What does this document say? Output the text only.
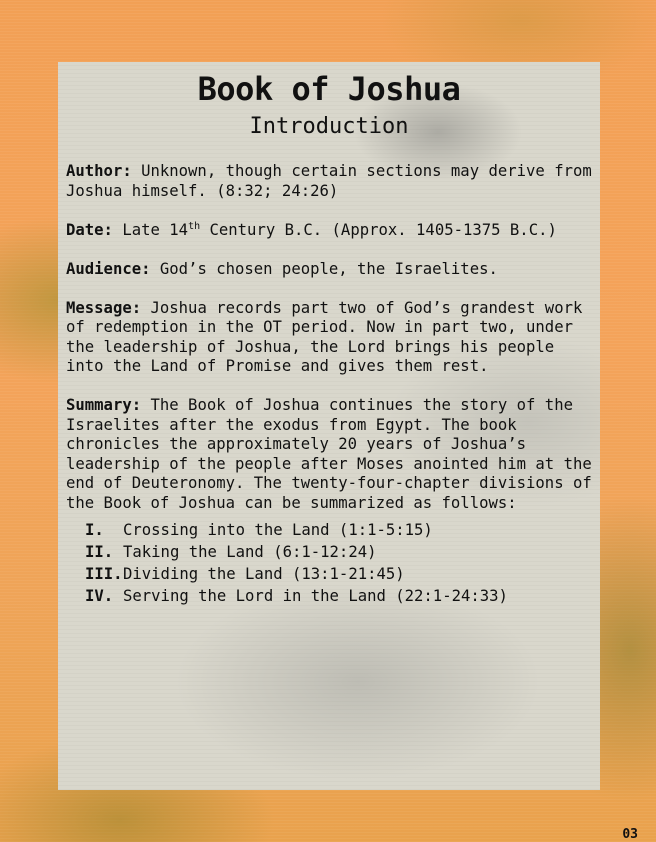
Book of Joshua
Introduction

Author: Unknown, though certain sections may derive from Joshua himself. (8:32; 24:26)

Date: Late 14th Century B.C. (Approx. 1405-1375 B.C.)

Audience: God’s chosen people, the Israelites.

Message: Joshua records part two of God’s grandest work of redemption in the OT period. Now in part two, under the leadership of Joshua, the Lord brings his people into the Land of Promise and gives them rest.

Summary: The Book of Joshua continues the story of the Israelites after the exodus from Egypt. The book chronicles the approximately 20 years of Joshua’s leadership of the people after Moses anointed him at the end of Deuteronomy. The twenty-four-chapter divisions of the Book of Joshua can be summarized as follows:

I.	Crossing into the Land (1:1-5:15)
II. Taking the Land (6:1-12:24)
III. Dividing the Land (13:1-21:45)
IV. Serving the Lord in the Land (22:1-24:33)
03
